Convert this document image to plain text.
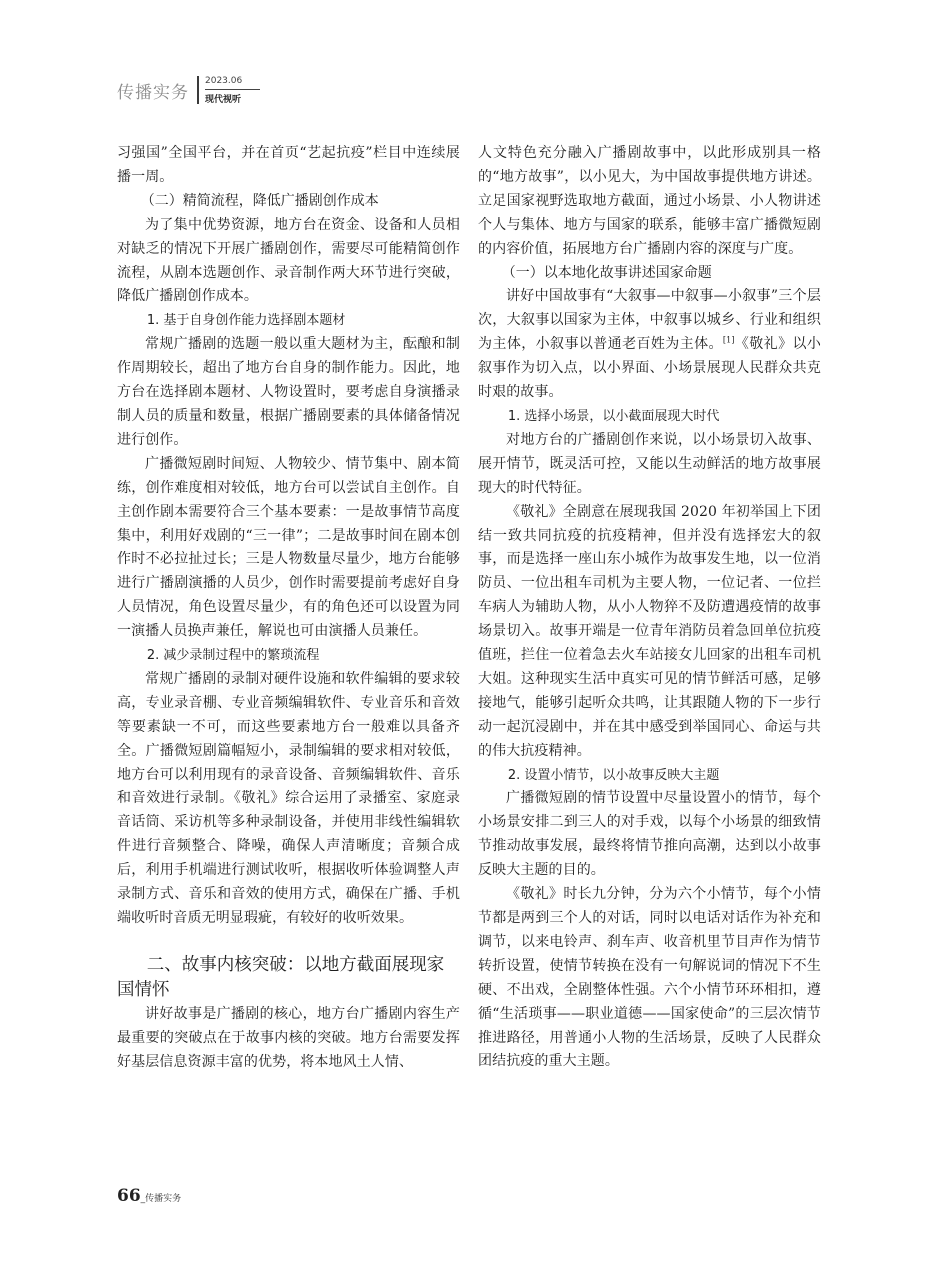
传播实务
2023.06
现代视听

习强国”全国平台，并在首页“艺起抗疫”栏目中连续展播一周。

（二）精简流程，降低广播剧创作成本

为了集中优势资源，地方台在资金、设备和人员相对缺乏的情况下开展广播剧创作，需要尽可能精简创作流程，从剧本选题创作、录音制作两大环节进行突破，降低广播剧创作成本。

1. 基于自身创作能力选择剧本题材

常规广播剧的选题一般以重大题材为主，酝酿和制作周期较长，超出了地方台自身的制作能力。因此，地方台在选择剧本题材、人物设置时，要考虑自身演播录制人员的质量和数量，根据广播剧要素的具体储备情况进行创作。

广播微短剧时间短、人物较少、情节集中、剧本简练，创作难度相对较低，地方台可以尝试自主创作。自主创作剧本需要符合三个基本要素：一是故事情节高度集中，利用好戏剧的“三一律”；二是故事时间在剧本创作时不必拉扯过长；三是人物数量尽量少，地方台能够进行广播剧演播的人员少，创作时需要提前考虑好自身人员情况，角色设置尽量少，有的角色还可以设置为同一演播人员换声兼任，解说也可由演播人员兼任。

2. 减少录制过程中的繁琐流程

常规广播剧的录制对硬件设施和软件编辑的要求较高，专业录音棚、专业音频编辑软件、专业音乐和音效等要素缺一不可，而这些要素地方台一般难以具备齐全。广播微短剧篇幅短小，录制编辑的要求相对较低，地方台可以利用现有的录音设备、音频编辑软件、音乐和音效进行录制。《敬礼》综合运用了录播室、家庭录音话筒、采访机等多种录制设备，并使用非线性编辑软件进行音频整合、降噪，确保人声清晰度；音频合成后，利用手机端进行测试收听，根据收听体验调整人声录制方式、音乐和音效的使用方式，确保在广播、手机端收听时音质无明显瑕疵，有较好的收听效果。

二、故事内核突破：以地方截面展现家国情怀

讲好故事是广播剧的核心，地方台广播剧内容生产最重要的突破点在于故事内核的突破。地方台需要发挥好基层信息资源丰富的优势，将本地风土人情、

人文特色充分融入广播剧故事中，以此形成别具一格的“地方故事”，以小见大，为中国故事提供地方讲述。立足国家视野选取地方截面，通过小场景、小人物讲述个人与集体、地方与国家的联系，能够丰富广播微短剧的内容价值，拓展地方台广播剧内容的深度与广度。

（一）以本地化故事讲述国家命题

讲好中国故事有“大叙事—中叙事—小叙事”三个层次，大叙事以国家为主体，中叙事以城乡、行业和组织为主体，小叙事以普通老百姓为主体。[1]《敬礼》以小叙事作为切入点，以小界面、小场景展现人民群众共克时艰的故事。

1. 选择小场景，以小截面展现大时代

对地方台的广播剧创作来说，以小场景切入故事、展开情节，既灵活可控，又能以生动鲜活的地方故事展现大的时代特征。

《敬礼》全剧意在展现我国 2020 年初举国上下团结一致共同抗疫的抗疫精神，但并没有选择宏大的叙事，而是选择一座山东小城作为故事发生地，以一位消防员、一位出租车司机为主要人物，一位记者、一位拦车病人为辅助人物，从小人物猝不及防遭遇疫情的故事场景切入。故事开端是一位青年消防员着急回单位抗疫值班，拦住一位着急去火车站接女儿回家的出租车司机大姐。这种现实生活中真实可见的情节鲜活可感，足够接地气，能够引起听众共鸣，让其跟随人物的下一步行动一起沉浸剧中，并在其中感受到举国同心、命运与共的伟大抗疫精神。

2. 设置小情节，以小故事反映大主题

广播微短剧的情节设置中尽量设置小的情节，每个小场景安排二到三人的对手戏，以每个小场景的细致情节推动故事发展，最终将情节推向高潮，达到以小故事反映大主题的目的。

《敬礼》时长九分钟，分为六个小情节，每个小情节都是两到三个人的对话，同时以电话对话作为补充和调节，以来电铃声、刹车声、收音机里节目声作为情节转折设置，使情节转换在没有一句解说词的情况下不生硬、不出戏，全剧整体性强。六个小情节环环相扣，遵循“生活琐事——职业道德——国家使命”的三层次情节推进路径，用普通小人物的生活场景，反映了人民群众团结抗疫的重大主题。

66_传播实务
